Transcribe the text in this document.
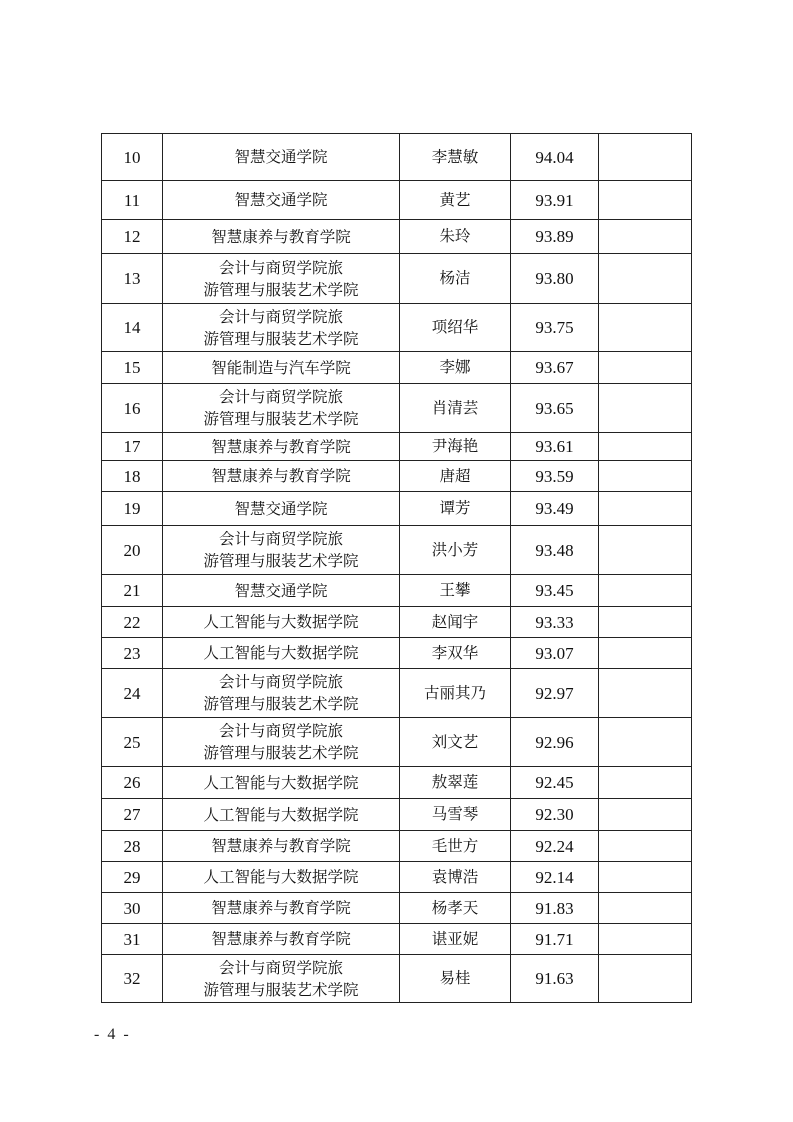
10	智慧交通学院	李慧敏	94.04	
11	智慧交通学院	黄艺	93.91	
12	智慧康养与教育学院	朱玲	93.89	
13	会计与商贸学院旅
游管理与服装艺术学院	杨洁	93.80	
14	会计与商贸学院旅
游管理与服装艺术学院	项绍华	93.75	
15	智能制造与汽车学院	李娜	93.67	
16	会计与商贸学院旅
游管理与服装艺术学院	肖清芸	93.65	
17	智慧康养与教育学院	尹海艳	93.61	
18	智慧康养与教育学院	唐超	93.59	
19	智慧交通学院	谭芳	93.49	
20	会计与商贸学院旅
游管理与服装艺术学院	洪小芳	93.48	
21	智慧交通学院	王攀	93.45	
22	人工智能与大数据学院	赵闻宇	93.33	
23	人工智能与大数据学院	李双华	93.07	
24	会计与商贸学院旅
游管理与服装艺术学院	古丽其乃	92.97	
25	会计与商贸学院旅
游管理与服装艺术学院	刘文艺	92.96	
26	人工智能与大数据学院	敖翠莲	92.45	
27	人工智能与大数据学院	马雪琴	92.30	
28	智慧康养与教育学院	毛世方	92.24	
29	人工智能与大数据学院	袁博浩	92.14	
30	智慧康养与教育学院	杨孝天	91.83	
31	智慧康养与教育学院	谌亚妮	91.71	
32	会计与商贸学院旅
游管理与服装艺术学院	易桂	91.63	
- 4 -
